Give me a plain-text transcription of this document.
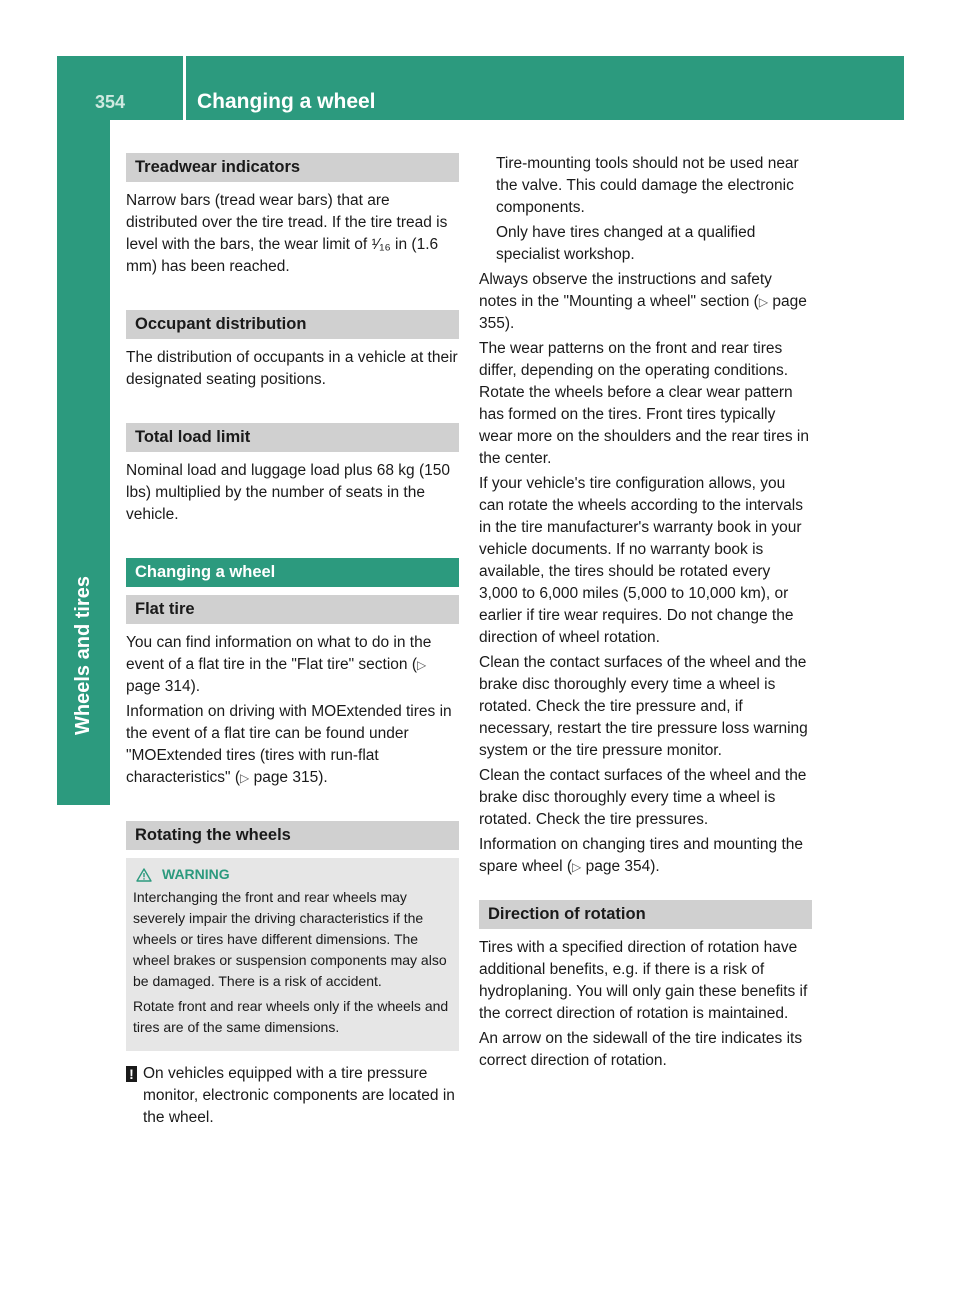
354	Changing a wheel
Wheels and tires
Treadwear indicators

Narrow bars (tread wear bars) that are distributed over the tire tread. If the tire tread is level with the bars, the wear limit of ¹⁄₁₆ in (1.6 mm) has been reached.

Occupant distribution

The distribution of occupants in a vehicle at their designated seating positions.

Total load limit

Nominal load and luggage load plus 68 kg (150 lbs) multiplied by the number of seats in the vehicle.

Changing a wheel
Flat tire

You can find information on what to do in the event of a flat tire in the "Flat tire" section (▷ page 314).

Information on driving with MOExtended tires in the event of a flat tire can be found under "MOExtended tires (tires with run-flat characteristics" (▷ page 315).

Rotating the wheels
WARNING

Interchanging the front and rear wheels may severely impair the driving characteristics if the wheels or tires have different dimensions. The wheel brakes or suspension components may also be damaged. There is a risk of accident.

Rotate front and rear wheels only if the wheels and tires are of the same dimensions.

! On vehicles equipped with a tire pressure monitor, electronic components are located in the wheel.

Tire-mounting tools should not be used near the valve. This could damage the electronic components.

Only have tires changed at a qualified specialist workshop.

Always observe the instructions and safety notes in the "Mounting a wheel" section (▷ page 355).

The wear patterns on the front and rear tires differ, depending on the operating conditions. Rotate the wheels before a clear wear pattern has formed on the tires. Front tires typically wear more on the shoulders and the rear tires in the center.

If your vehicle's tire configuration allows, you can rotate the wheels according to the intervals in the tire manufacturer's warranty book in your vehicle documents. If no warranty book is available, the tires should be rotated every 3,000 to 6,000 miles (5,000 to 10,000 km), or earlier if tire wear requires. Do not change the direction of wheel rotation.

Clean the contact surfaces of the wheel and the brake disc thoroughly every time a wheel is rotated. Check the tire pressure and, if necessary, restart the tire pressure loss warning system or the tire pressure monitor.

Clean the contact surfaces of the wheel and the brake disc thoroughly every time a wheel is rotated. Check the tire pressures.

Information on changing tires and mounting the spare wheel (▷ page 354).

Direction of rotation

Tires with a specified direction of rotation have additional benefits, e.g. if there is a risk of hydroplaning. You will only gain these benefits if the correct direction of rotation is maintained.

An arrow on the sidewall of the tire indicates its correct direction of rotation.
